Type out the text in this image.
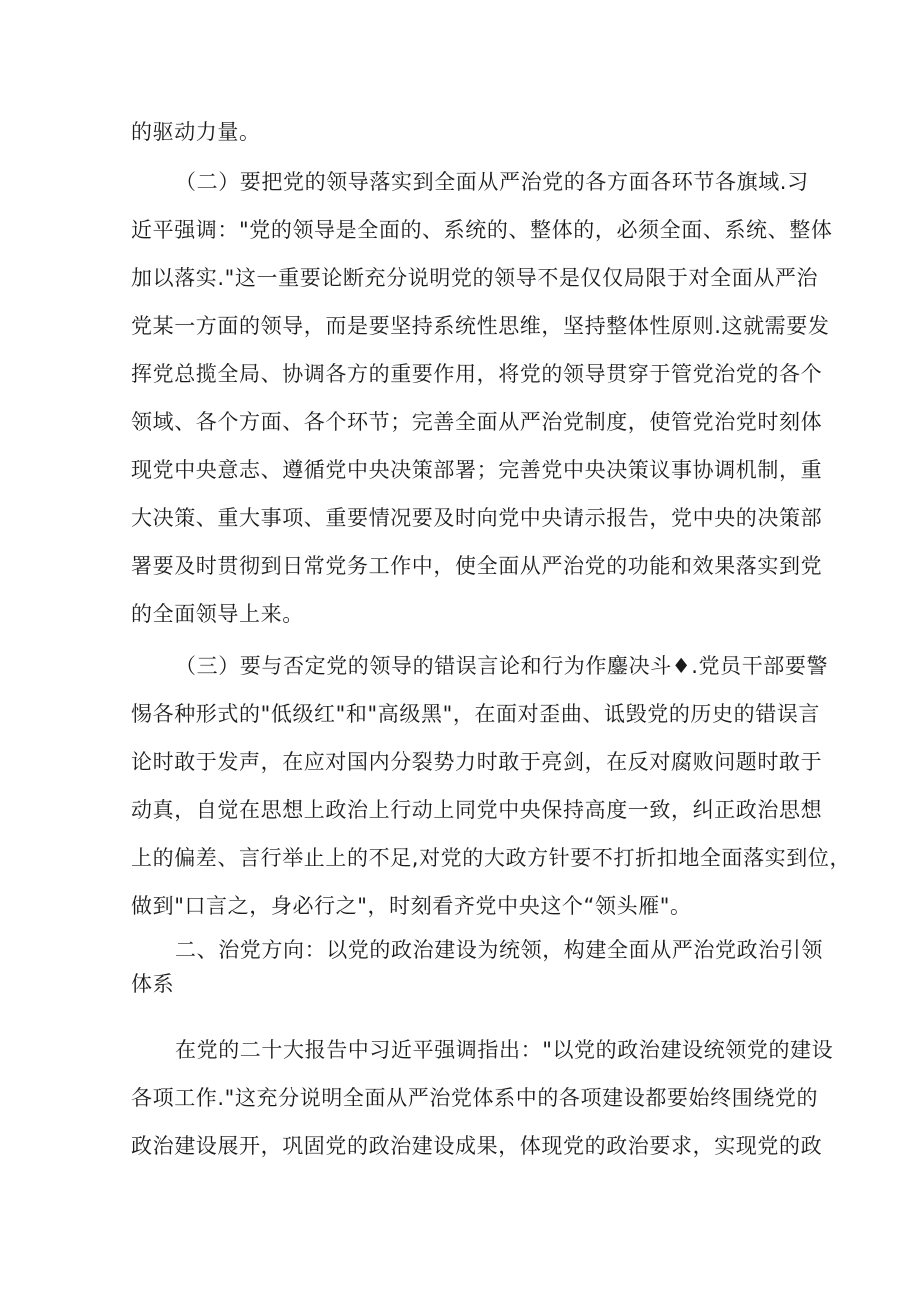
的驱动力量。
（二）要把党的领导落实到全面从严治党的各方面各环节各旗域.习
近平强调："党的领导是全面的、系统的、整体的，必须全面、系统、整体
加以落实."这一重要论断充分说明党的领导不是仅仅局限于对全面从严治
党某一方面的领导，而是要坚持系统性思维，坚持整体性原则.这就需要发
挥党总揽全局、协调各方的重要作用，将党的领导贯穿于管党治党的各个
领域、各个方面、各个环节；完善全面从严治党制度，使管党治党时刻体
现党中央意志、遵循党中央决策部署；完善党中央决策议事协调机制，重
大决策、重大事项、重要情况要及时向党中央请示报告，党中央的决策部
署要及时贯彻到日常党务工作中，使全面从严治党的功能和效果落实到党
的全面领导上来。
（三）要与否定党的领导的错误言论和行为作鏖决斗♦.党员干部要警
惕各种形式的"低级红"和"高级黑"，在面对歪曲、诋毁党的历史的错误言
论时敢于发声，在应对国内分裂势力时敢于亮剑，在反对腐败问题时敢于
动真，自觉在思想上政治上行动上同党中央保持高度一致，纠正政治思想
上的偏差、言行举止上的不足,对党的大政方针要不打折扣地全面落实到位，
做到"口言之，身必行之"，时刻看齐党中央这个“领头雁"。
二、治党方向：以党的政治建设为统领，构建全面从严治党政治引领
体系
在党的二十大报告中习近平强调指出："以党的政治建设统领党的建设
各项工作."这充分说明全面从严治党体系中的各项建设都要始终围绕党的
政治建设展开，巩固党的政治建设成果，体现党的政治要求，实现党的政
